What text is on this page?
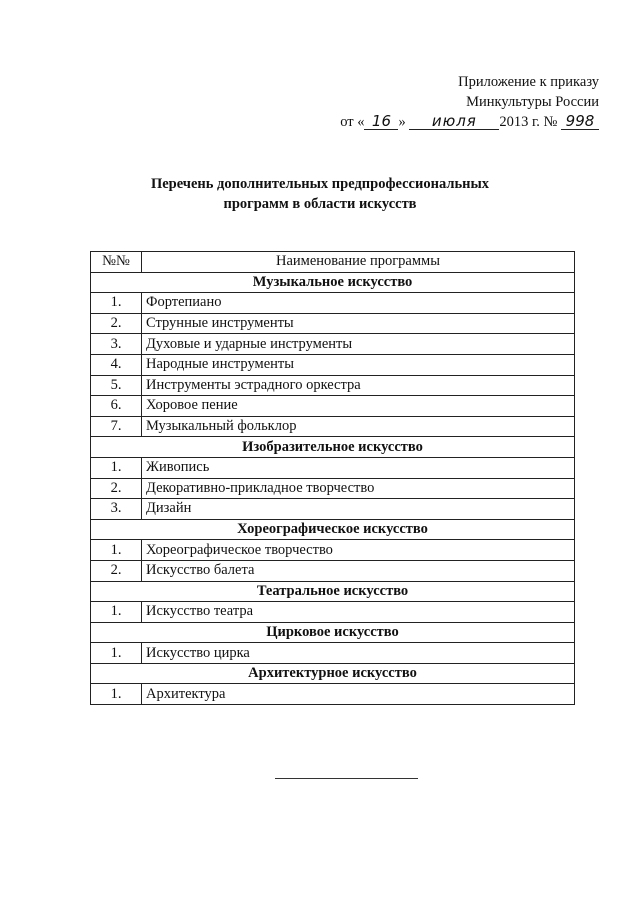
Приложение к приказу
Минкультуры России
от « 16 » июля 2013 г. № 998
Перечень дополнительных предпрофессиональных
программ в области искусств
№№	Наименование программы
Музыкальное искусство	
1.	Фортепиано
2.	Струнные инструменты
3.	Духовые и ударные инструменты
4.	Народные инструменты
5.	Инструменты эстрадного оркестра
6.	Хоровое пение
7.	Музыкальный фольклор
Изобразительное искусство	
1.	Живопись
2.	Декоративно-прикладное творчество
3.	Дизайн
Хореографическое искусство	
1.	Хореографическое творчество
2.	Искусство балета
Театральное искусство	
1.	Искусство театра
Цирковое искусство	
1.	Искусство цирка
Архитектурное искусство	
1.	Архитектура
